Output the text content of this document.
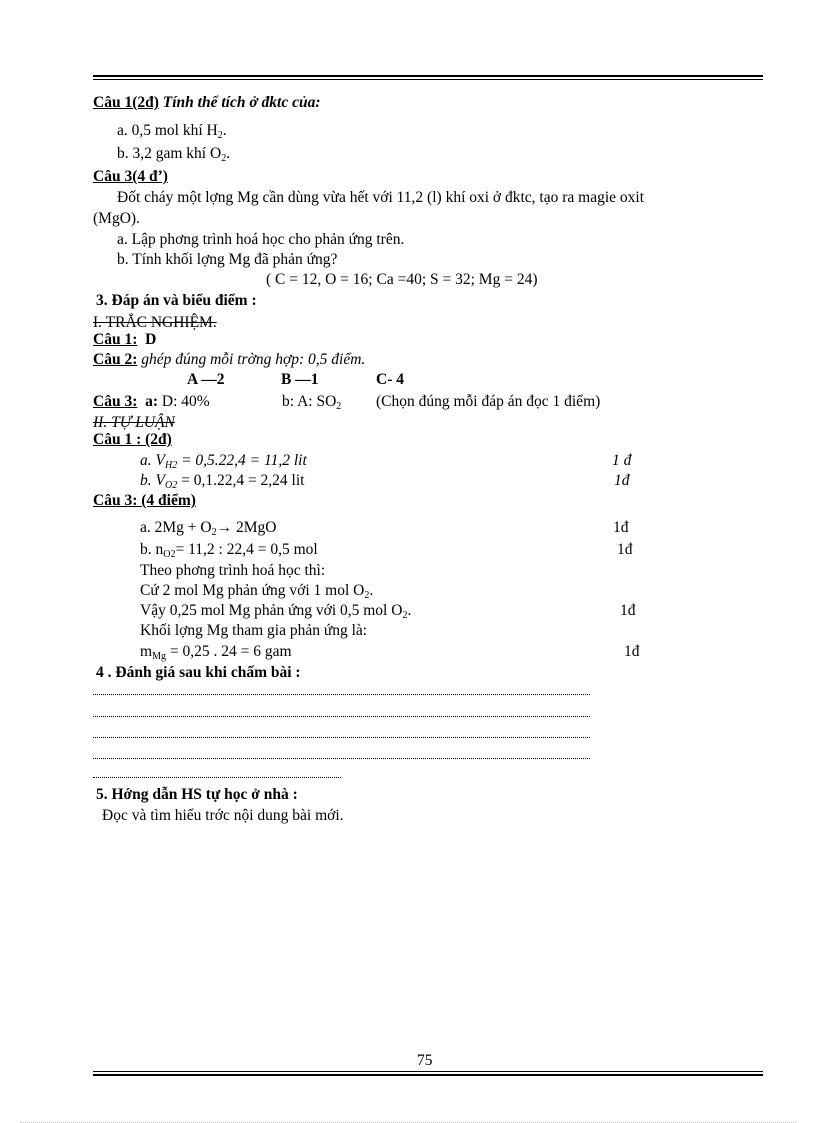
Câu 1(2đ) Tính thể tích ở đktc của:
a. 0,5 mol khí $H_2$.
b. 3,2 gam khí $O_2$.
Câu 3(4 đ’)
Đốt cháy một lợng Mg cần dùng vừa hết với 11,2 (l) khí oxi ở đktc, tạo ra magie oxit
(MgO).
a. Lập phơng trình hoá học cho phản ứng trên.
b. Tính khối lợng Mg đã phản ứng?
( C = 12, O = 16; Ca =40; S = 32; Mg = 24)
3. Đáp án và biểu điểm :
I. TRẮC NGHIỆM.
Câu 1: D
Câu 2: ghép đúng mỗi trờng hợp: 0,5 điểm.
A —2	B —1	C- 4
Câu 3: a: D: 40%	b: A: $SO_2$ (Chọn đúng mỗi đáp án đọc 1 điểm)
II. TỰ LUẬN
Câu 1 : (2đ)
a. $V_{H2} = 0,5.22,4 = 11,2$ lit	1 đ
b. $V_{O2} = 0,1.22,4 = 2,24$ lit	1đ
Câu 3: (4 điểm)
a. $2Mg + O_2\to 2MgO$	1đ
b. $n_{O2}= 11,2$ : 22,4 = 0,5 mol	1đ
Theo phơng trình hoá học thì:
Cứ 2 mol Mg phản ứng với 1 mol $O_2$.
Vậy 0,25 mol Mg phản ứng với 0,5 mol $O_2$.	1đ
Khối lợng Mg tham gia phản ứng là:
$m_{Mg} = 0,25$ . 24 = 6 gam	1đ
4 . Đánh giá sau khi chấm bài :
5. Hớng dẫn HS tự học ở nhà :
Đọc và tìm hiểu trớc nội dung bài mới.
75
